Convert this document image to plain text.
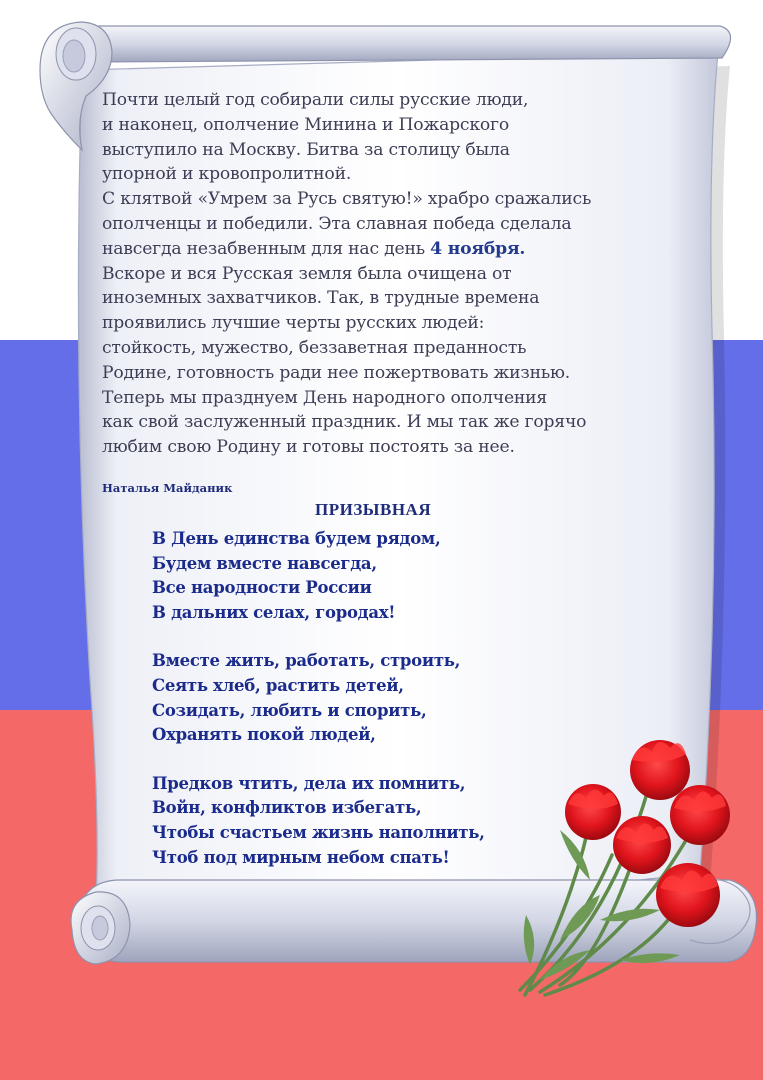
Почти целый год собирали силы русские люди,
и наконец, ополчение Минина и Пожарского
выступило на Москву. Битва за столицу была
упорной и кровопролитной.
С клятвой «Умрем за Русь святую!» храбро сражались
ополченцы и победили. Эта славная победа сделала
навсегда незабвенным для нас день 4 ноября.
Вскоре и вся Русская земля была очищена от
иноземных захватчиков. Так, в трудные времена
проявились лучшие черты русских людей:
стойкость, мужество, беззаветная преданность
Родине, готовность ради нее пожертвовать жизнью.
Теперь мы празднуем День народного ополчения
как свой заслуженный праздник. И мы так же горячо
любим свою Родину и готовы постоять за нее.
Наталья Майданик
ПРИЗЫВНАЯ
В День единства будем рядом,
Будем вместе навсегда,
Все народности России
В дальних селах, городах!
Вместе жить, работать, строить,
Сеять хлеб, растить детей,
Созидать, любить и спорить,
Охранять покой людей,
Предков чтить, дела их помнить,
Войн, конфликтов избегать,
Чтобы счастьем жизнь наполнить,
Чтоб под мирным небом спать!
